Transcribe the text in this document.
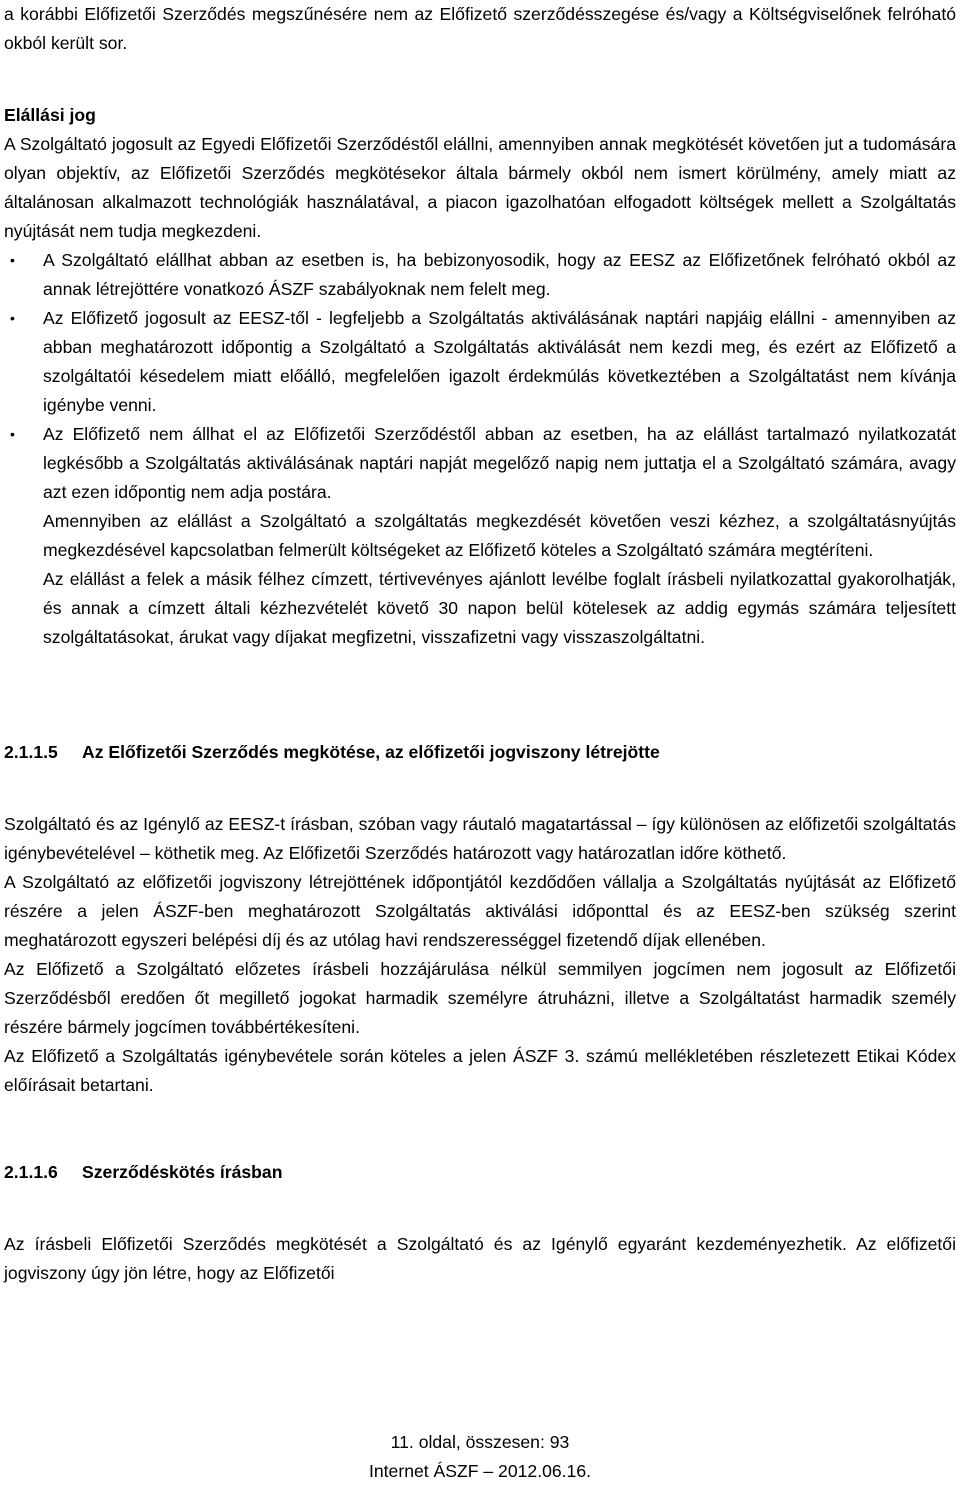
a korábbi Előfizetői Szerződés megszűnésére nem az Előfizető szerződésszegése és/vagy a Költségviselőnek felróható okból került sor.

Elállási jog

A Szolgáltató jogosult az Egyedi Előfizetői Szerződéstől elállni, amennyiben annak megkötését követően jut a tudomására olyan objektív, az Előfizetői Szerződés megkötésekor általa bármely okból nem ismert körülmény, amely miatt az általánosan alkalmazott technológiák használatával, a piacon igazolhatóan elfogadott költségek mellett a Szolgáltatás nyújtását nem tudja megkezdeni.

• A Szolgáltató elállhat abban az esetben is, ha bebizonyosodik, hogy az EESZ az Előfizetőnek felróható okból az annak létrejöttére vonatkozó ÁSZF szabályoknak nem felelt meg.

• Az Előfizető jogosult az EESZ-től - legfeljebb a Szolgáltatás aktiválásának naptári napjáig elállni - amennyiben az abban meghatározott időpontig a Szolgáltató a Szolgáltatás aktiválását nem kezdi meg, és ezért az Előfizető a szolgáltatói késedelem miatt előálló, megfelelően igazolt érdekmúlás következtében a Szolgáltatást nem kívánja igénybe venni.

• Az Előfizető nem állhat el az Előfizetői Szerződéstől abban az esetben, ha az elállást tartalmazó nyilatkozatát legkésőbb a Szolgáltatás aktiválásának naptári napját megelőző napig nem juttatja el a Szolgáltató számára, avagy azt ezen időpontig nem adja postára.

Amennyiben az elállást a Szolgáltató a szolgáltatás megkezdését követően veszi kézhez, a szolgáltatásnyújtás megkezdésével kapcsolatban felmerült költségeket az Előfizető köteles a Szolgáltató számára megtéríteni.

Az elállást a felek a másik félhez címzett, tértivevényes ajánlott levélbe foglalt írásbeli nyilatkozattal gyakorolhatják, és annak a címzett általi kézhezvételét követő 30 napon belül kötelesek az addig egymás számára teljesített szolgáltatásokat, árukat vagy díjakat megfizetni, visszafizetni vagy visszaszolgáltatni.

2.1.1.5 Az Előfizetői Szerződés megkötése, az előfizetői jogviszony létrejötte

Szolgáltató és az Igénylő az EESZ-t írásban, szóban vagy ráutaló magatartással – így különösen az előfizetői szolgáltatás igénybevételével – köthetik meg. Az Előfizetői Szerződés határozott vagy határozatlan időre köthető.

A Szolgáltató az előfizetői jogviszony létrejöttének időpontjától kezdődően vállalja a Szolgáltatás nyújtását az Előfizető részére a jelen ÁSZF-ben meghatározott Szolgáltatás aktiválási időponttal és az EESZ-ben szükség szerint meghatározott egyszeri belépési díj és az utólag havi rendszerességgel fizetendő díjak ellenében.

Az Előfizető a Szolgáltató előzetes írásbeli hozzájárulása nélkül semmilyen jogcímen nem jogosult az Előfizetői Szerződésből eredően őt megillető jogokat harmadik személyre átruházni, illetve a Szolgáltatást harmadik személy részére bármely jogcímen továbbértékesíteni.

Az Előfizető a Szolgáltatás igénybevétele során köteles a jelen ÁSZF 3. számú mellékletében részletezett Etikai Kódex előírásait betartani.

2.1.1.6 Szerződéskötés írásban

Az írásbeli Előfizetői Szerződés megkötését a Szolgáltató és az Igénylő egyaránt kezdeményezhetik. Az előfizetői jogviszony úgy jön létre, hogy az Előfizetői

11. oldal, összesen: 93
Internet ÁSZF – 2012.06.16.
